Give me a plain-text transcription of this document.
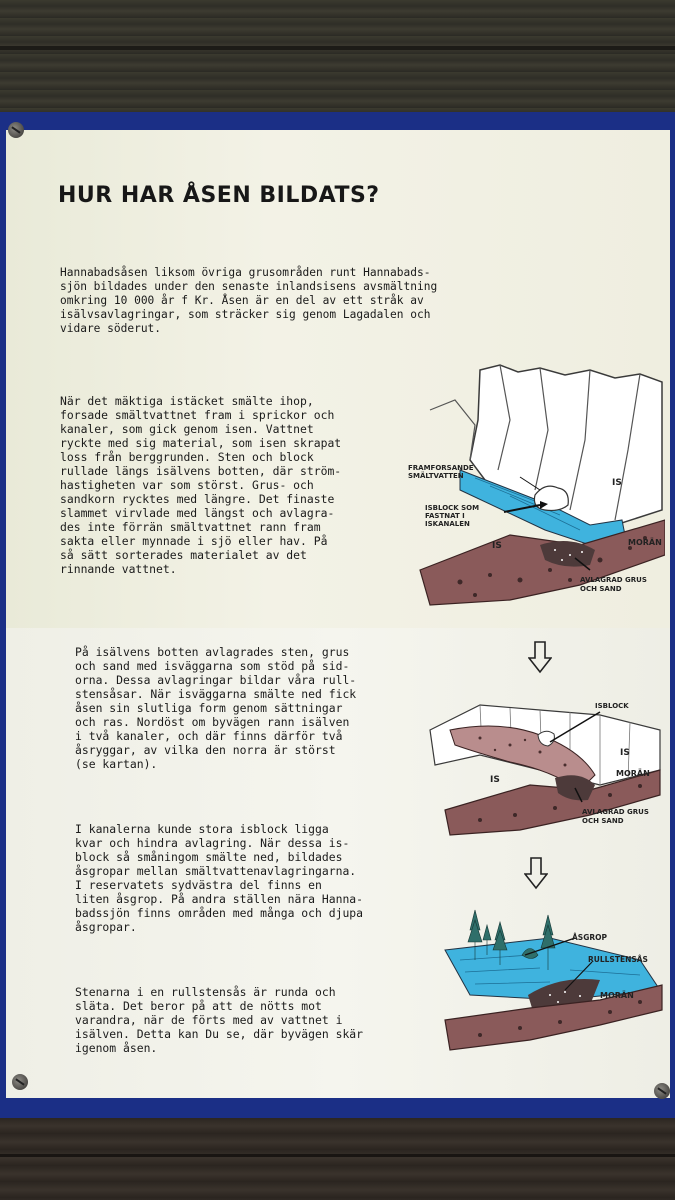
HUR HAR ÅSEN BILDATS?

Hannabadsåsen liksom övriga grusområden runt Hannabads-
sjön bildades under den senaste inlandsisens avsmältning
omkring 10 000 år f Kr. Åsen är en del av ett stråk av
isälvsavlagringar, som sträcker sig genom Lagadalen och
vidare söderut.

När det mäktiga istäcket smälte ihop,
forsade smältvattnet fram i sprickor och
kanaler, som gick genom isen. Vattnet
ryckte med sig material, som isen skrapat
loss från berggrunden. Sten och block
rullade längs isälvens botten, där ström-
hastigheten var som störst. Grus- och
sandkorn rycktes med längre. Det finaste
slammet virvlade med längst och avlagra-
des inte förrän smältvattnet rann fram
sakta eller mynnade i sjö eller hav. På
så sätt sorterades materialet av det
rinnande vattnet.

På isälvens botten avlagrades sten, grus
och sand med isväggarna som stöd på sid-
orna. Dessa avlagringar bildar våra rull-
stensåsar. När isväggarna smälte ned fick
åsen sin slutliga form genom sättningar
och ras. Nordöst om byvägen rann isälven
i två kanaler, och där finns därför två
åsryggar, av vilka den norra är störst
(se kartan).

I kanalerna kunde stora isblock ligga
kvar och hindra avlagring. När dessa is-
block så småningom smälte ned, bildades
åsgropar mellan smältvattenavlagringarna.
I reservatets sydvästra del finns en
liten åsgrop. På andra ställen nära Hanna-
badssjön finns områden med många och djupa
åsgropar.

Stenarna i en rullstensås är runda och
släta. Det beror på att de nötts mot
varandra, när de förts med av vattnet i
isälven. Detta kan Du se, där byvägen skär
igenom åsen.

FRAMFORSANDE
SMÄLTVATTEN
ISBLOCK SOM
FASTNAT I
ISKANALEN
IS
IS
MORÄN
AVLAGRAD GRUS
OCH SAND
ISBLOCK
IS
IS
MORÄN
AVLAGRAD GRUS
OCH SAND
ÅSGROP
RULLSTENSÅS
MORÄN
